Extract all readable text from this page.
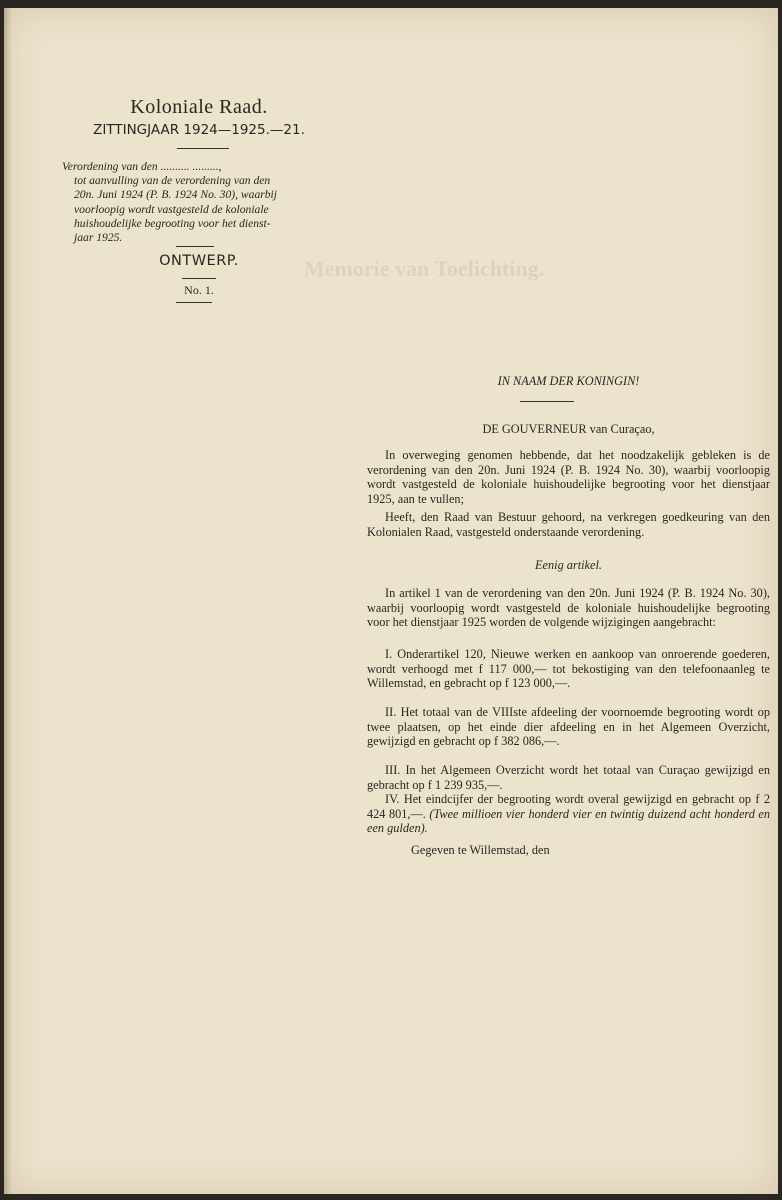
Memorie van Toelichting.
Koloniale Raad.
ZITTINGJAAR 1924—1925.—21.
Verordening van den .......... .........,
tot aanvulling van de verordening van den
20n. Juni 1924 (P. B. 1924 No. 30), waarbij
voorloopig wordt vastgesteld de koloniale
huishoudelijke begrooting voor het dienst-
jaar 1925.
ONTWERP.
No. 1.
IN NAAM DER KONINGIN!
DE GOUVERNEUR van Curaçao,

In overweging genomen hebbende, dat het noodzakelijk gebleken is de verordening van den 20n. Juni 1924 (P. B. 1924 No. 30), waarbij voorloopig wordt vastgesteld de koloniale huishoudelijke begrooting voor het dienstjaar 1925, aan te vullen;

Heeft, den Raad van Bestuur gehoord, na verkregen goedkeuring van den Kolonialen Raad, vastgesteld onderstaande verordening.

Eenig artikel.

In artikel 1 van de verordening van den 20n. Juni 1924 (P. B. 1924 No. 30), waarbij voorloopig wordt vastgesteld de koloniale huishoudelijke begrooting voor het dienstjaar 1925 worden de volgende wijzigingen aangebracht:

I. Onderartikel 120, Nieuwe werken en aankoop van onroerende goederen, wordt verhoogd met f 117 000,— tot bekostiging van den telefoonaanleg te Willemstad, en gebracht op f 123 000,—.

II. Het totaal van de VIIIste afdeeling der voornoemde begrooting wordt op twee plaatsen, op het einde dier afdeeling en in het Algemeen Overzicht, gewijzigd en gebracht op f 382 086,—.

III. In het Algemeen Overzicht wordt het totaal van Curaçao gewijzigd en gebracht op f 1 239 935,—.

IV. Het eindcijfer der begrooting wordt overal gewijzigd en gebracht op f 2 424 801,—. (Twee millioen vier honderd vier en twintig duizend acht honderd en een gulden).

Gegeven te Willemstad, den
